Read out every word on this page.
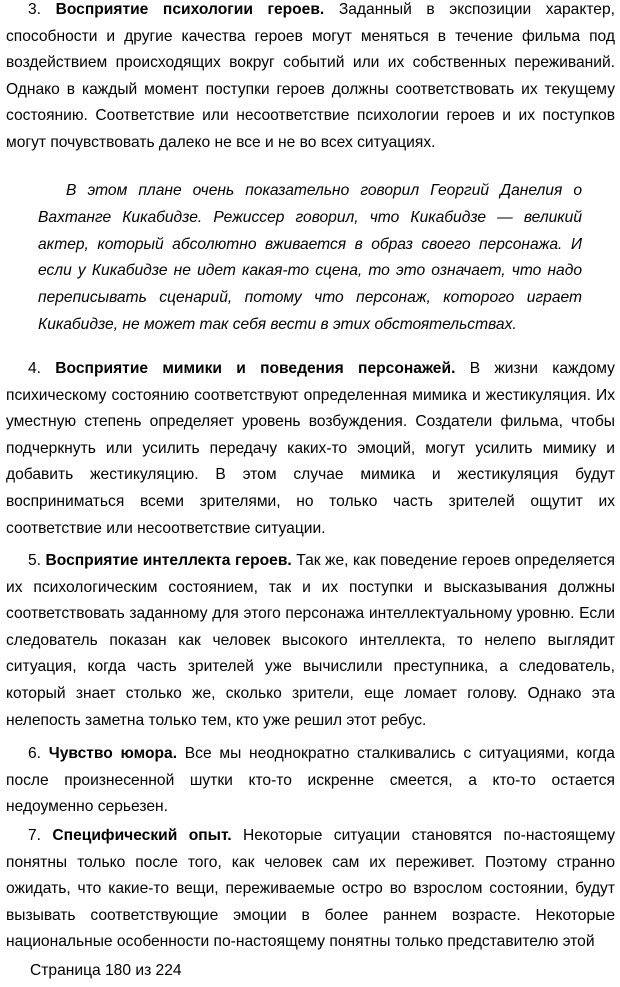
3. Восприятие психологии героев. Заданный в экспозиции характер, способности и другие качества героев могут меняться в течение фильма под воздействием происходящих вокруг событий или их собственных переживаний. Однако в каждый момент поступки героев должны соответствовать их текущему состоянию. Соответствие или несоответствие психологии героев и их поступков могут почувствовать далеко не все и не во всех ситуациях.

В этом плане очень показательно говорил Георгий Данелия о Вахтанге Кикабидзе. Режиссер говорил, что Кикабидзе — великий актер, который абсолютно вживается в образ своего персонажа. И если у Кикабидзе не идет какая-то сцена, то это означает, что надо переписывать сценарий, потому что персонаж, которого играет Кикабидзе, не может так себя вести в этих обстоятельствах.

4. Восприятие мимики и поведения персонажей. В жизни каждому психическому состоянию соответствуют определенная мимика и жестикуляция. Их уместную степень определяет уровень возбуждения. Создатели фильма, чтобы подчеркнуть или усилить передачу каких-то эмоций, могут усилить мимику и добавить жестикуляцию. В этом случае мимика и жестикуляция будут восприниматься всеми зрителями, но только часть зрителей ощутит их соответствие или несоответствие ситуации.

5. Восприятие интеллекта героев. Так же, как поведение героев определяется их психологическим состоянием, так и их поступки и высказывания должны соответствовать заданному для этого персонажа интеллектуальному уровню. Если следователь показан как человек высокого интеллекта, то нелепо выглядит ситуация, когда часть зрителей уже вычислили преступника, а следователь, который знает столько же, сколько зрители, еще ломает голову. Однако эта нелепость заметна только тем, кто уже решил этот ребус.

6. Чувство юмора. Все мы неоднократно сталкивались с ситуациями, когда после произнесенной шутки кто-то искренне смеется, а кто-то остается недоуменно серьезен.

7. Специфический опыт. Некоторые ситуации становятся по-настоящему понятны только после того, как человек сам их переживет. Поэтому странно ожидать, что какие-то вещи, переживаемые остро во взрослом состоянии, будут вызывать соответствующие эмоции в более раннем возрасте. Некоторые национальные особенности по-настоящему понятны только представителю этой

Страница 180 из 224
